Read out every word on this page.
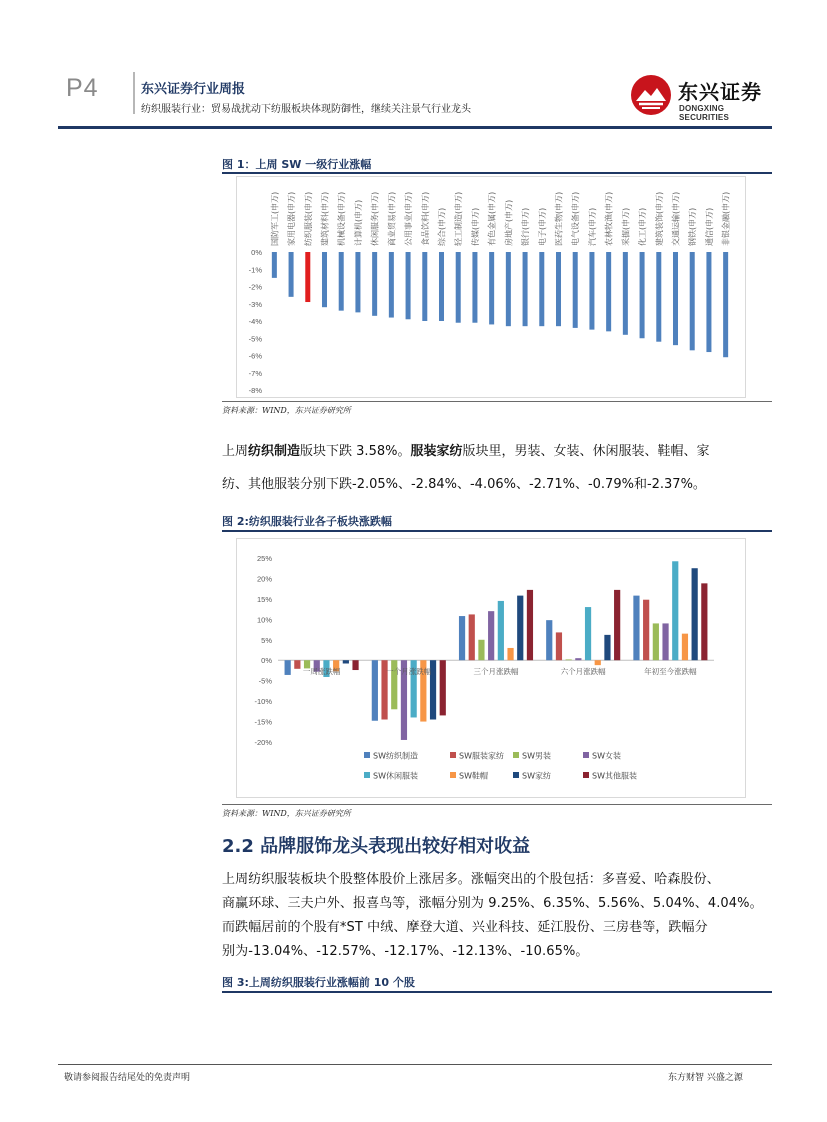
P4	东兴证券行业周报
纺织服装行业：贸易战扰动下纺服板块体现防御性，继续关注景气行业龙头
东兴证券
DONGXING SECURITIES
图 1：上周 SW 一级行业涨幅
0%
-1%
-2%
-3%
-4%
-5%
-6%
-7%
-8%
国防军工(申万) 家用电器(申万) 纺织服装(申万) 建筑材料(申万) 机械设备(申万) 计算机(申万) 休闲服务(申万) 商业贸易(申万) 公用事业(申万) 食品饮料(申万) 综合(申万) 轻工制造(申万) 传媒(申万) 有色金属(申万) 房地产(申万) 银行(申万) 电子(申万) 医药生物(申万) 电气设备(申万) 汽车(申万) 农林牧渔(申万) 采掘(申万) 化工(申万) 建筑装饰(申万) 交通运输(申万) 钢铁(申万) 通信(申万) 非银金融(申万)
资料来源：WIND，东兴证券研究所
上周纺织制造版块下跌 3.58%。服装家纺版块里，男装、女装、休闲服装、鞋帽、家
纺、其他服装分别下跌-2.05%、-2.84%、-4.06%、-2.71%、-0.79%和-2.37%。
图 2:纺织服装行业各子板块涨跌幅
25%
20%
15%
10%
5%
0%
-5%
-10%
-15%
-20%
一周涨跌幅	一个月涨跌幅	三个月涨跌幅	六个月涨跌幅	年初至今涨跌幅
SW纺织制造	SW服装家纺 SW男装	SW女装
SW休闲服装	SW鞋帽	SW家纺	SW其他服装
资料来源：WIND，东兴证券研究所
2.2 品牌服饰龙头表现出较好相对收益
上周纺织服装板块个股整体股价上涨居多。涨幅突出的个股包括：多喜爱、哈森股份、
商赢环球、三夫户外、报喜鸟等，涨幅分别为 9.25%、6.35%、5.56%、5.04%、4.04%。
而跌幅居前的个股有*ST 中绒、摩登大道、兴业科技、延江股份、三房巷等，跌幅分
别为-13.04%、-12.57%、-12.17%、-12.13%、-10.65%。
图 3:上周纺织服装行业涨幅前 10 个股
敬请参阅报告结尾处的免责声明	东方财智 兴盛之源
